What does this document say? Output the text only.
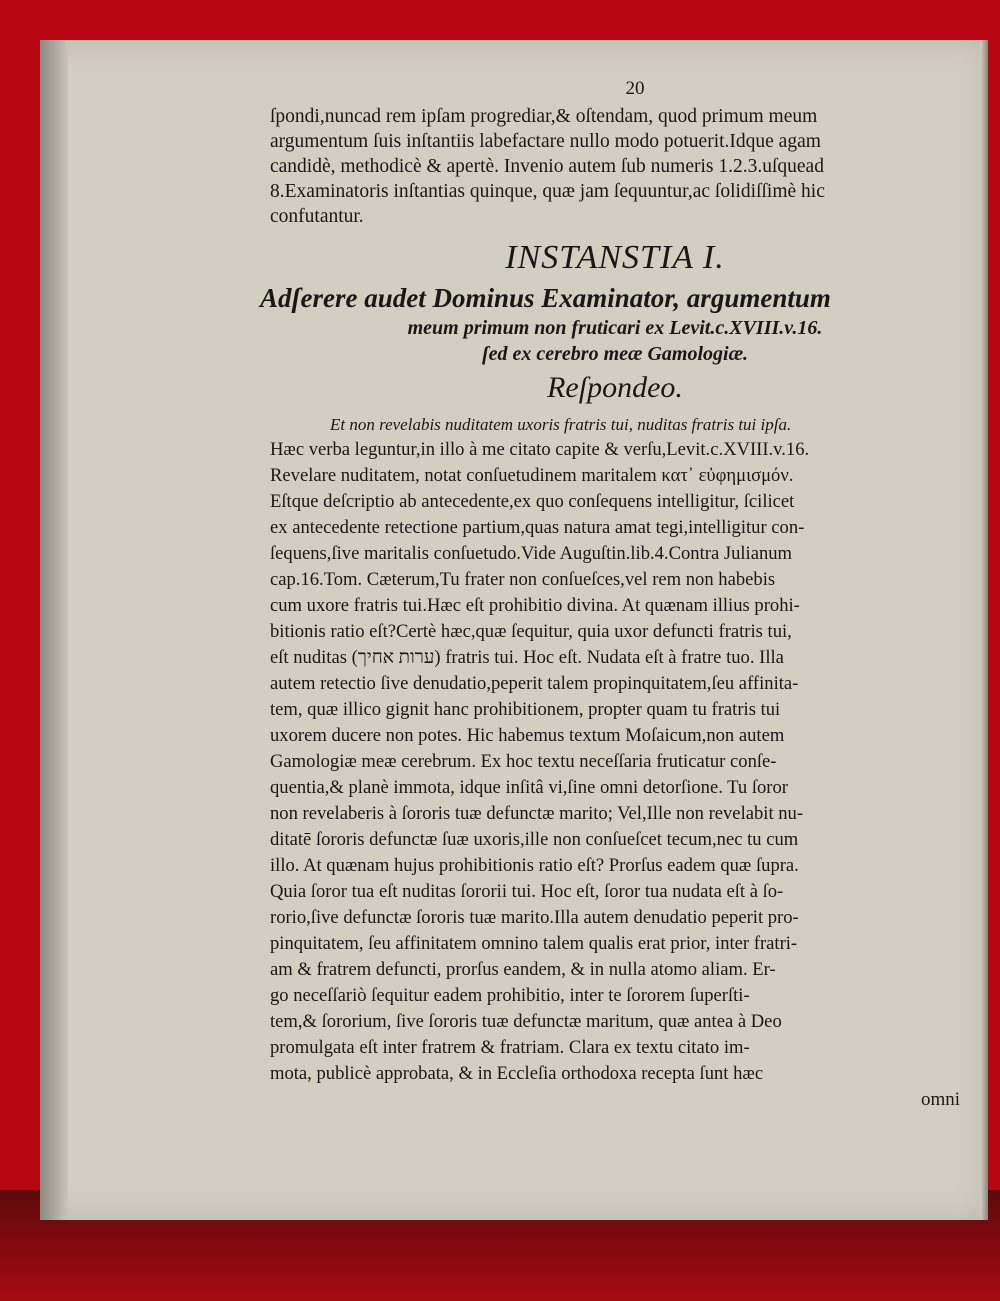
20
ſpondi,nuncad rem ipſam progrediar,& oſtendam, quod primum meum
argumentum ſuis inſtantiis labefactare nullo modo potuerit.Idque agam
candidè, methodicè & apertè. Invenio autem ſub numeris 1.2.3.uſquead
8.Examinatoris inſtantias quinque, quæ jam ſequuntur,ac ſolidiſſimè hic
confutantur.
INSTANSTIA I.
Adſerere audet Dominus Examinator, argumentum
meum primum non fruticari ex Levit.c.XVIII.v.16.
ſed ex cerebro meæ Gamologiæ.
Reſpondeo.
Et non revelabis nuditatem uxoris fratris tui, nuditas fratris tui ipſa.
Hæc verba leguntur,in illo à me citato capite & verſu,Levit.c.XVIII.v.16.
Revelare nuditatem, notat conſuetudinem maritalem κατ᾽ εὐφημισμόν.
Eſtque deſcriptio ab antecedente,ex quo conſequens intelligitur, ſcilicet
ex antecedente retectione partium,quas natura amat tegi,intelligitur con-
ſequens,ſive maritalis conſuetudo.Vide Auguſtin.lib.4.Contra Julianum
cap.16.Tom. Cæterum,Tu frater non conſueſces,vel rem non habebis
cum uxore fratris tui.Hæc eſt prohibitio divina. At quænam illius prohi-
bitionis ratio eſt?Certè hæc,quæ ſequitur, quia uxor defuncti fratris tui,
eſt nuditas (ערות אחיך) fratris tui. Hoc eſt. Nudata eſt à fratre tuo. Illa
autem retectio ſive denudatio,peperit talem propinquitatem,ſeu affinita-
tem, quæ illico gignit hanc prohibitionem, propter quam tu fratris tui
uxorem ducere non potes. Hic habemus textum Moſaicum,non autem
Gamologiæ meæ cerebrum. Ex hoc textu neceſſaria fruticatur conſe-
quentia,& planè immota, idque inſitâ vi,ſine omni detorſione. Tu ſoror
non revelaberis à ſororis tuæ defunctæ marito; Vel,Ille non revelabit nu-
ditatē ſororis defunctæ ſuæ uxoris,ille non conſueſcet tecum,nec tu cum
illo. At quænam hujus prohibitionis ratio eſt? Prorſus eadem quæ ſupra.
Quia ſoror tua eſt nuditas ſororii tui. Hoc eſt, ſoror tua nudata eſt à ſo-
rorio,ſive defunctæ ſororis tuæ marito.Illa autem denudatio peperit pro-
pinquitatem, ſeu affinitatem omnino talem qualis erat prior, inter fratri-
am & fratrem defuncti, prorſus eandem, & in nulla atomo aliam. Er-
go neceſſariò ſequitur eadem prohibitio, inter te ſororem ſuperſti-
tem,& ſororium, ſive ſororis tuæ defunctæ maritum, quæ antea à Deo
promulgata eſt inter fratrem & fratriam. Clara ex textu citato im-
mota, publicè approbata, & in Eccleſia orthodoxa recepta ſunt hæc
omni
